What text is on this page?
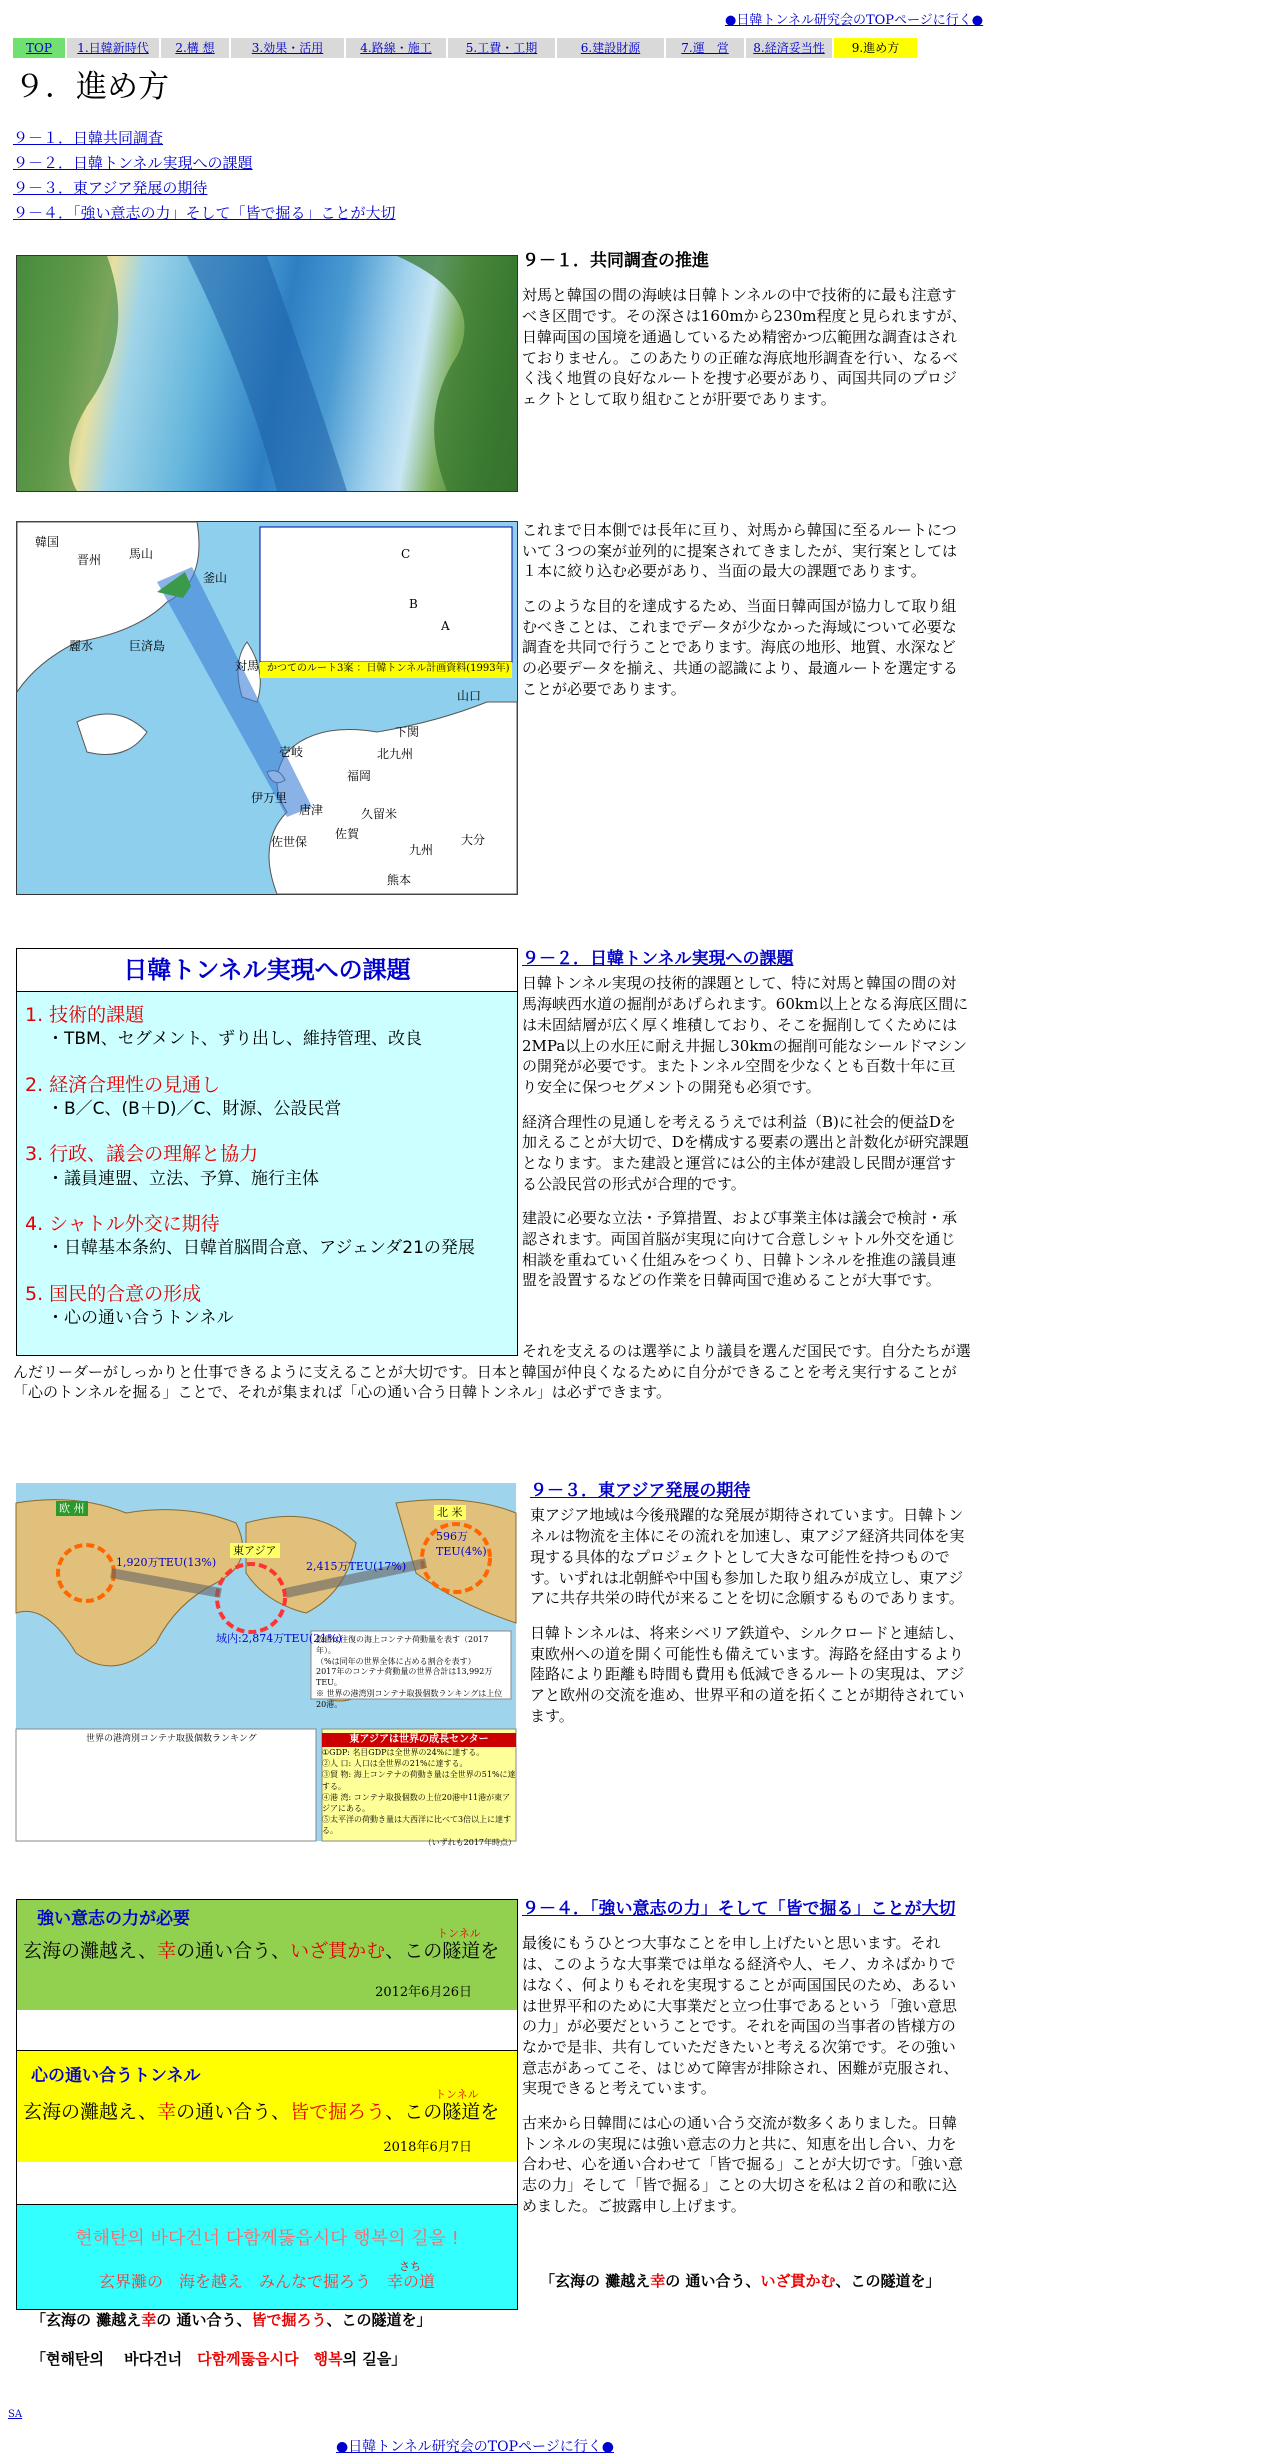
●日韓トンネル研究会のTOPページに行く●
TOP	1.日韓新時代	2.構 想	3.効果・活用	4.路線・施工	5.工費・工期	6.建設財源	7.運　営	8.経済妥当性	9.進め方
９．進め方
９－１．日韓共同調査
９－２．日韓トンネル実現への課題
９－３．東アジア発展の期待
９－４．「強い意志の力」そして「皆で掘る」ことが大切
韓国
晋州 馬山
釜山
麗水	巨済島
対馬
壱岐
唐津
伊万里
佐世保
佐賀
久留米
福岡
北九州
下関
山口
九州
大分
熊本
かつてのルート3案 ：日韓トンネル計画資料(1993年)
C
B
A
９－１．共同調査の推進

対馬と韓国の間の海峡は日韓トンネルの中で技術的に最も注意すべき区間です。その深さは160mから230m程度と見られますが、日韓両国の国境を通過しているため精密かつ広範囲な調査はされておりません。このあたりの正確な海底地形調査を行い、なるべく浅く地質の良好なルートを捜す必要があり、両国共同のプロジェクトとして取り組むことが肝要であります。

これまで日本側では長年に亘り、対馬から韓国に至るルートについて３つの案が並列的に提案されてきましたが、実行案としては１本に絞り込む必要があり、当面の最大の課題であります。

このような目的を達成するため、当面日韓両国が協力して取り組むべきことは、これまでデータが少なかった海域について必要な調査を共同で行うことであります。海底の地形、地質、水深などの必要データを揃え、共通の認識により、最適ルートを選定することが必要であります。

日韓トンネル実現への課題
1. 技術的課題
・TBM、セグメント、ずり出し、維持管理、改良
2. 経済合理性の見通し
・B／C、(B＋D)／C、財源、公設民営
3. 行政、議会の理解と協力
・議員連盟、立法、予算、施行主体
4. シャトル外交に期待
・日韓基本条約、日韓首脳間合意、アジェンダ21の発展
5. 国民的合意の形成
・心の通い合うトンネル
９－２．日韓トンネル実現への課題

日韓トンネル実現の技術的課題として、特に対馬と韓国の間の対馬海峡西水道の掘削があげられます。60km以上となる海底区間には未固結層が広く厚く堆積しており、そこを掘削してくためには2MPa以上の水圧に耐え井掘し30kmの掘削可能なシールドマシンの開発が必要です。またトンネル空間を少なくとも百数十年に亘り安全に保つセグメントの開発も必須です。

経済合理性の見通しを考えるうえでは利益（B)に社会的便益Dを加えることが大切で、Dを構成する要素の選出と計数化が研究課題となります。また建設と運営には公的主体が建設し民間が運営する公設民営の形式が合理的です。

建設に必要な立法・予算措置、および事業主体は議会で検討・承認されます。両国首脳が実現に向けて合意しシャトル外交を通じ相談を重ねていく仕組みをつくり、日韓トンネルを推進の議員連盟を設置するなどの作業を日韓両国で進めることが大事です。

それを支えるのは選挙により議員を選んだ国民です。自分たちが選んだリーダーがしっかりと仕事できるように支えることが大切です。日本と韓国が仲良くなるために自分ができることを考え実行することが「心のトンネルを掘る」ことで、それが集まれば「心の通い合う日韓トンネル」は必ずできます。
欧 州
東アジア
北 米
1,920万TEU(13%)	2,415万TEU(17%)
596万TEU(4%)
域内:2,874万TEU(21%)
数値は往復の海上コンテナ荷動量を表す（2017年）。
（%は同年の世界全体に占める割合を表す）
2017年のコンテナ荷動量の世界合計は13,992万TEU。
※ 世界の港湾別コンテナ取扱個数ランキングは上位20港。
世界の港湾別コンテナ取扱個数ランキング	東アジアは世界の成長センター
①GDP: 名目GDPは全世界の24%に達する。
②人 口: 人口は全世界の21%に達する。
③貿 物: 海上コンテナの荷動き量は全世界の51%に達する。
④港 湾: コンテナ取扱個数の上位20港中11港が東アジアにある。
⑤太平洋の荷動き量は大西洋に比べて3倍以上に達する。
（いずれも2017年時点）
９－３．東アジア発展の期待

東アジア地域は今後飛躍的な発展が期待されています。日韓トンネルは物流を主体にその流れを加速し、東アジア経済共同体を実現する具体的なプロジェクトとして大きな可能性を持つものです。いずれは北朝鮮や中国も参加した取り組みが成立し、東アジアに共存共栄の時代が来ることを切に念願するものであります。

日韓トンネルは、将来シベリア鉄道や、シルクロードと連結し、東欧州への道を開く可能性も備えています。海路を経由するより陸路により距離も時間も費用も低減できるルートの実現は、アジアと欧州の交流を進め、世界平和の道を拓くことが期待されています。

強い意志の力が必要
トンネル
玄海の灘越え、幸の通い合う、いざ貫かむ、この隧道を
2012年6月26日
心の通い合うトンネル
トンネル
玄海の灘越え、幸の通い合う、皆で掘ろう、この隧道を
2018年6月7日
현해탄의 바다건너 다함께뚫읍시다 행복의 길을 !
さち
玄界灘の　海を越え　みんなで掘ろう　幸の道
９－４．「強い意志の力」そして「皆で掘る」ことが大切

最後にもうひとつ大事なことを申し上げたいと思います。それは、このような大事業では単なる経済や人、モノ、カネばかりではなく、何よりもそれを実現することが両国国民のため、あるいは世界平和のために大事業だと立つ仕事であるという「強い意思の力」が必要だということです。それを両国の当事者の皆様方のなかで是非、共有していただきたいと考える次第です。その強い意志があってこそ、はじめて障害が排除され、困難が克服され、実現できると考えています。

古来から日韓間には心の通い合う交流が数多くありました。日韓トンネルの実現には強い意志の力と共に、知恵を出し合い、力を合わせ、心を通い合わせて「皆で掘る」ことが大切です。「強い意志の力」そして「皆で掘る」ことの大切さを私は２首の和歌に込めました。ご披露申し上げます。

「玄海の 灘越え幸の 通い合う、いざ貫かむ、この隧道を」
「玄海の 灘越え幸の 通い合う、皆で掘ろう、この隧道を」
「현해탄의　 바다건너　다함께뚫읍시다　행복의 길을」
SA
●日韓トンネル研究会のTOPページに行く●
